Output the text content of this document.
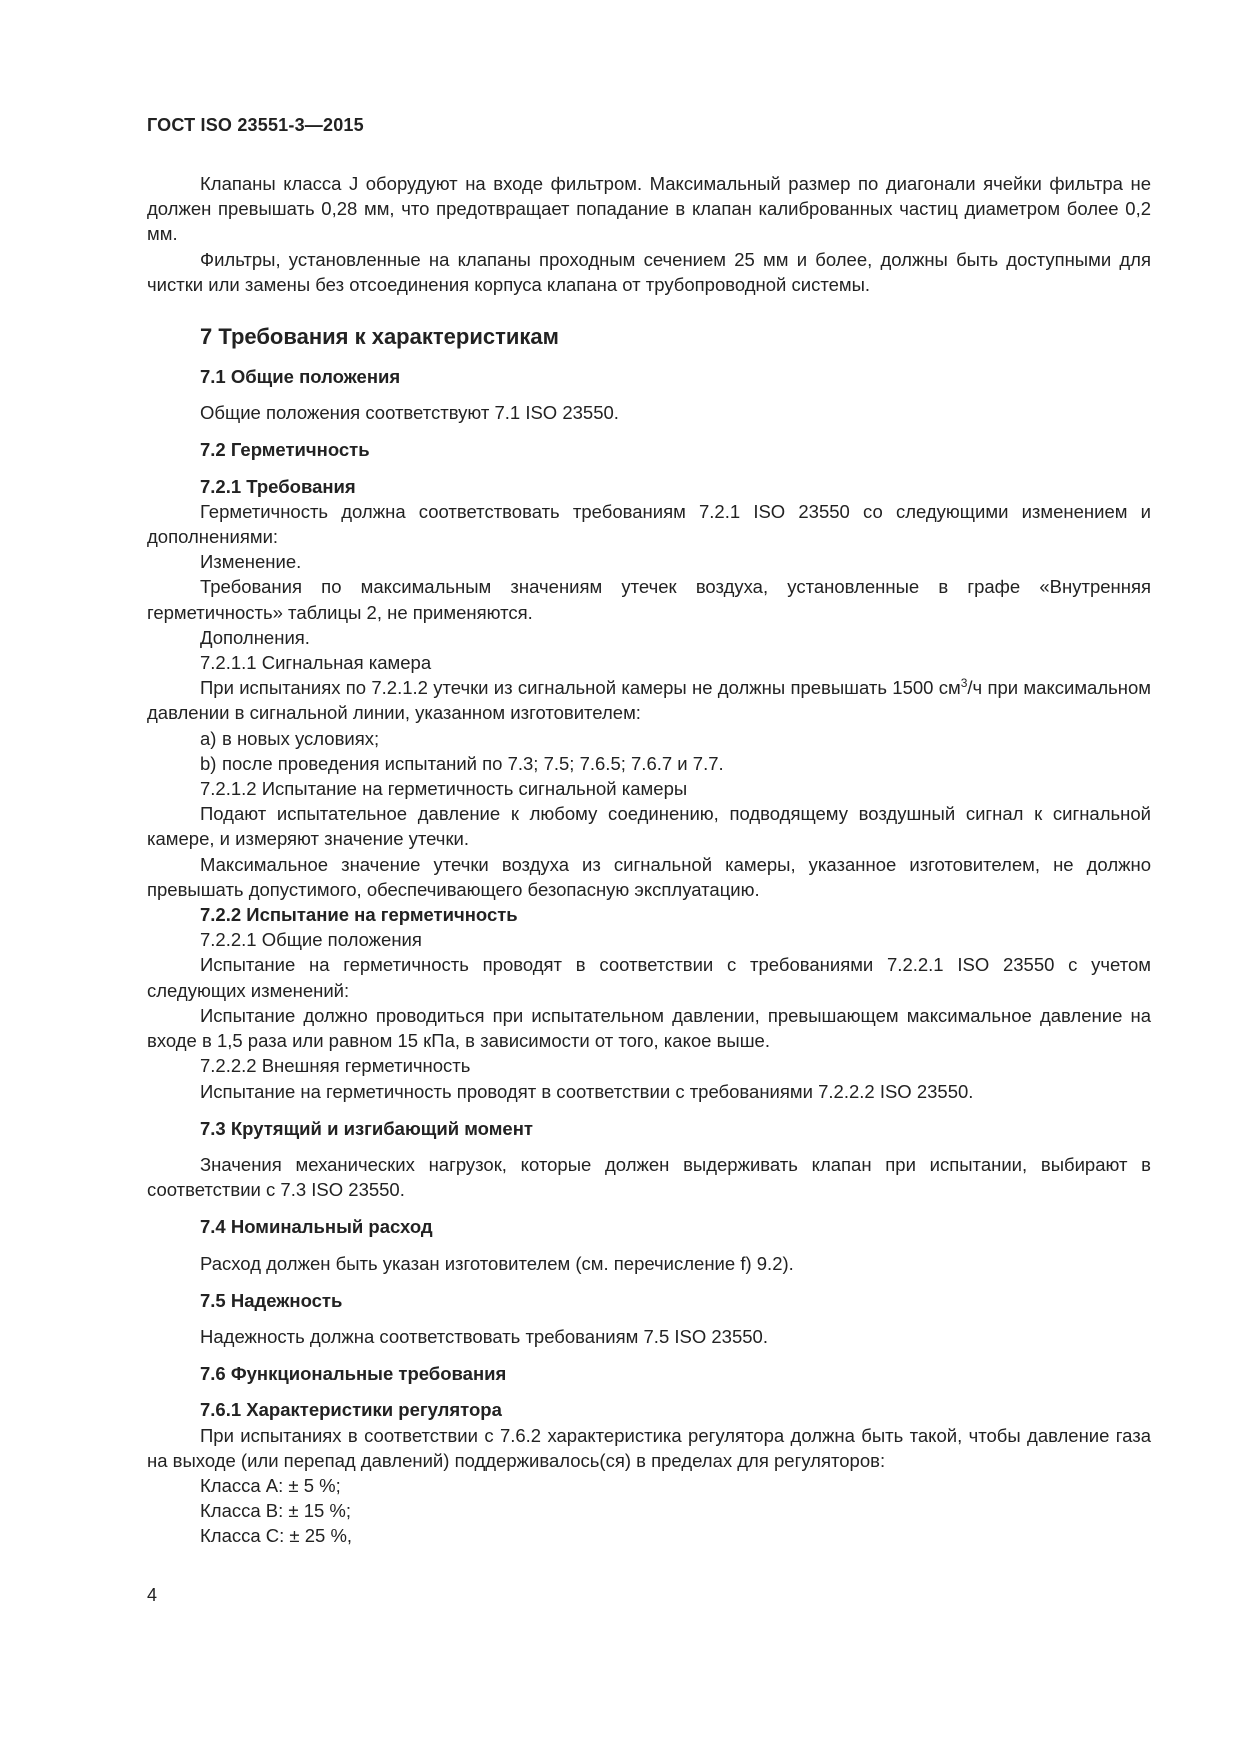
ГОСТ ISO 23551-3—2015

Клапаны класса J оборудуют на входе фильтром. Максимальный размер по диагонали ячейки фильтра не должен превышать 0,28 мм, что предотвращает попадание в клапан калиброванных частиц диаметром более 0,2 мм.

Фильтры, установленные на клапаны проходным сечением 25 мм и более, должны быть доступными для чистки или замены без отсоединения корпуса клапана от трубопроводной системы.

7 Требования к характеристикам

7.1 Общие положения

Общие положения соответствуют 7.1 ISO 23550.

7.2 Герметичность

7.2.1 Требования

Герметичность должна соответствовать требованиям 7.2.1 ISO 23550 со следующими изменением и дополнениями:

Изменение.

Требования по максимальным значениям утечек воздуха, установленные в графе «Внутренняя герметичность» таблицы 2, не применяются.

Дополнения.

7.2.1.1 Сигнальная камера

При испытаниях по 7.2.1.2 утечки из сигнальной камеры не должны превышать 1500 $см^3/ч$ при максимальном давлении в сигнальной линии, указанном изготовителем:

a) в новых условиях;

b) после проведения испытаний по 7.3; 7.5; 7.6.5; 7.6.7 и 7.7.

7.2.1.2 Испытание на герметичность сигнальной камеры

Подают испытательное давление к любому соединению, подводящему воздушный сигнал к сигнальной камере, и измеряют значение утечки.

Максимальное значение утечки воздуха из сигнальной камеры, указанное изготовителем, не должно превышать допустимого, обеспечивающего безопасную эксплуатацию.

7.2.2 Испытание на герметичность

7.2.2.1 Общие положения

Испытание на герметичность проводят в соответствии с требованиями 7.2.2.1 ISO 23550 с учетом следующих изменений:

Испытание должно проводиться при испытательном давлении, превышающем максимальное давление на входе в 1,5 раза или равном 15 кПа, в зависимости от того, какое выше.

7.2.2.2 Внешняя герметичность

Испытание на герметичность проводят в соответствии с требованиями 7.2.2.2 ISO 23550.

7.3 Крутящий и изгибающий момент

Значения механических нагрузок, которые должен выдерживать клапан при испытании, выбирают в соответствии с 7.3 ISO 23550.

7.4 Номинальный расход

Расход должен быть указан изготовителем (см. перечисление f) 9.2).

7.5 Надежность

Надежность должна соответствовать требованиям 7.5 ISO 23550.

7.6 Функциональные требования

7.6.1 Характеристики регулятора

При испытаниях в соответствии с 7.6.2 характеристика регулятора должна быть такой, чтобы давление газа на выходе (или перепад давлений) поддерживалось(ся) в пределах для регуляторов:

Класса А: ± 5 %;

Класса В: ± 15 %;

Класса С: ± 25 %,

4
